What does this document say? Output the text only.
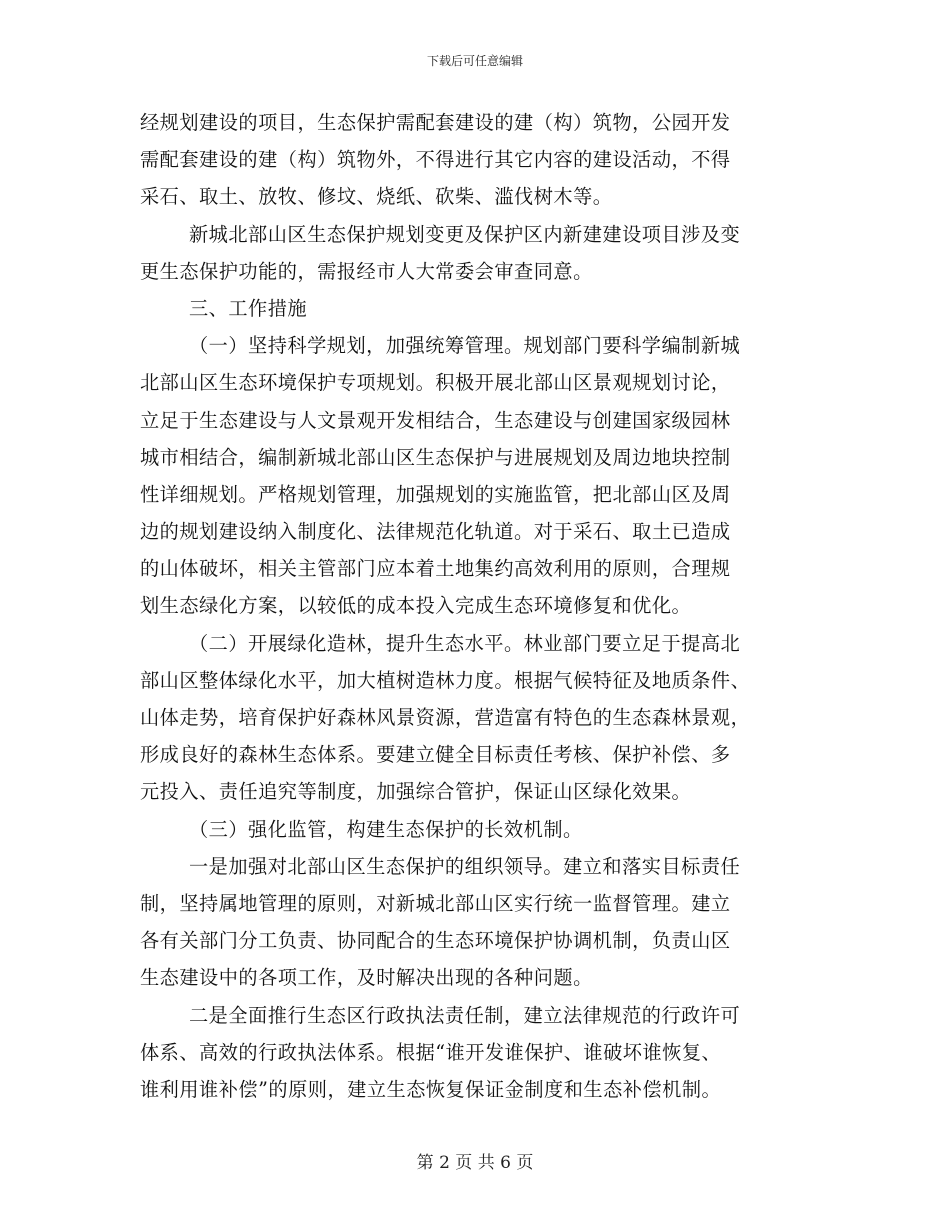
下载后可任意编辑
经规划建设的项目，生态保护需配套建设的建（构）筑物，公园开发
需配套建设的建（构）筑物外，不得进行其它内容的建设活动，不得
采石、取土、放牧、修坟、烧纸、砍柴、滥伐树木等。
新城北部山区生态保护规划变更及保护区内新建建设项目涉及变
更生态保护功能的，需报经市人大常委会审查同意。
三、工作措施
（一）坚持科学规划，加强统筹管理。规划部门要科学编制新城
北部山区生态环境保护专项规划。积极开展北部山区景观规划讨论，
立足于生态建设与人文景观开发相结合，生态建设与创建国家级园林
城市相结合，编制新城北部山区生态保护与进展规划及周边地块控制
性详细规划。严格规划管理，加强规划的实施监管，把北部山区及周
边的规划建设纳入制度化、法律规范化轨道。对于采石、取土已造成
的山体破坏，相关主管部门应本着土地集约高效利用的原则，合理规
划生态绿化方案，以较低的成本投入完成生态环境修复和优化。
（二）开展绿化造林，提升生态水平。林业部门要立足于提高北
部山区整体绿化水平，加大植树造林力度。根据气候特征及地质条件、
山体走势，培育保护好森林风景资源，营造富有特色的生态森林景观，
形成良好的森林生态体系。要建立健全目标责任考核、保护补偿、多
元投入、责任追究等制度，加强综合管护，保证山区绿化效果。
（三）强化监管，构建生态保护的长效机制。
一是加强对北部山区生态保护的组织领导。建立和落实目标责任
制，坚持属地管理的原则，对新城北部山区实行统一监督管理。建立
各有关部门分工负责、协同配合的生态环境保护协调机制，负责山区
生态建设中的各项工作，及时解决出现的各种问题。
二是全面推行生态区行政执法责任制，建立法律规范的行政许可
体系、高效的行政执法体系。根据“谁开发谁保护、谁破坏谁恢复、
谁利用谁补偿”的原则，建立生态恢复保证金制度和生态补偿机制。
第 2 页 共 6 页
